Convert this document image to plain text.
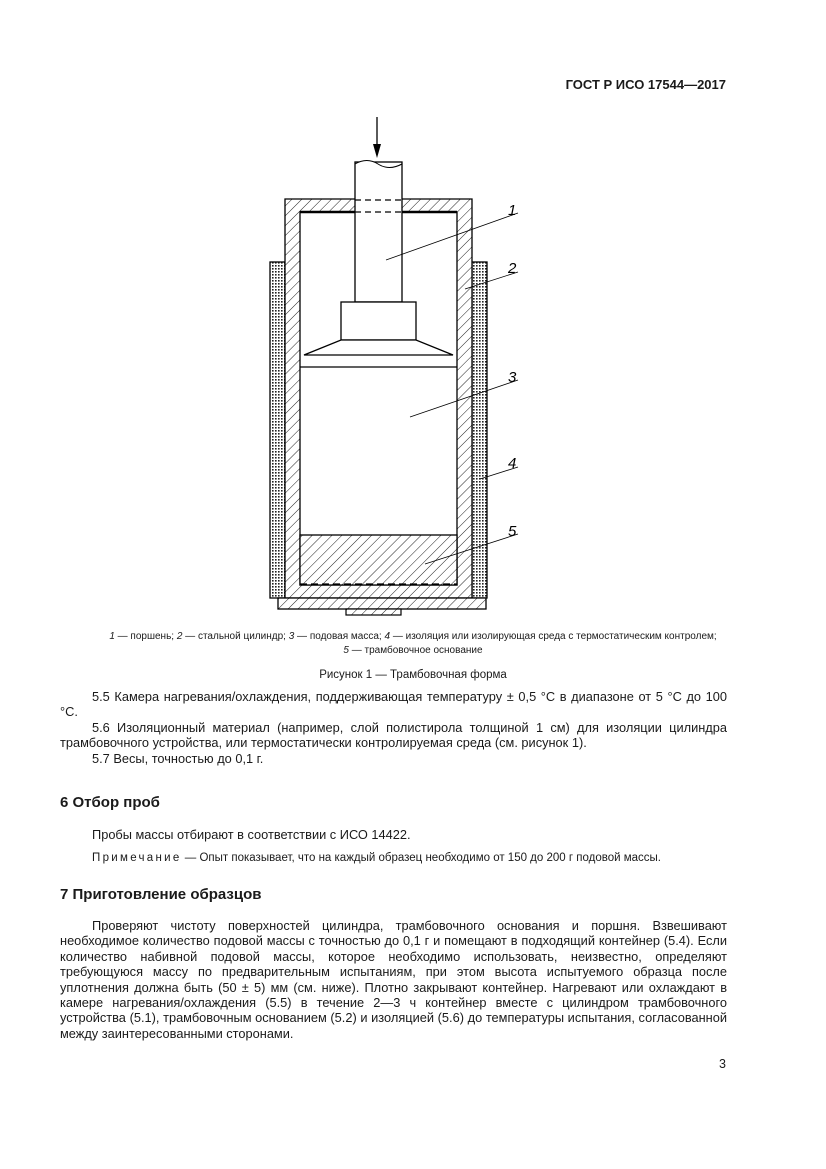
ГОСТ Р ИСО 17544—2017
1
2
3
4
5
1 — поршень; 2 — стальной цилиндр; 3 — подовая масса; 4 — изоляция или изолирующая среда с термостатическим контролем;
5 — трамбовочное основание
Рисунок 1 — Трамбовочная форма

5.5 Камера нагревания/охлаждения, поддерживающая температуру ± 0,5 °C в диапазоне от 5 °C до 100 °C.

5.6 Изоляционный материал (например, слой полистирола толщиной 1 см) для изоляции цилиндра трамбовочного устройства, или термостатически контролируемая среда (см. рисунок 1).

5.7 Весы, точностью до 0,1 г.

6 Отбор проб

Пробы массы отбирают в соответствии с ИСО 14422.

Примечание — Опыт показывает, что на каждый образец необходимо от 150 до 200 г подовой массы.

7 Приготовление образцов

Проверяют чистоту поверхностей цилиндра, трамбовочного основания и поршня. Взвешивают необходимое количество подовой массы с точностью до 0,1 г и помещают в подходящий контейнер (5.4). Если количество набивной подовой массы, которое необходимо использовать, неизвестно, определяют требующуюся массу по предварительным испытаниям, при этом высота испытуемого образца после уплотнения должна быть (50 ± 5) мм (см. ниже). Плотно закрывают контейнер. Нагревают или охлаждают в камере нагревания/охлаждения (5.5) в течение 2—3 ч контейнер вместе с цилиндром трамбовочного устройства (5.1), трамбовочным основанием (5.2) и изоляцией (5.6) до температуры испытания, согласованной между заинтересованными сторонами.

3
